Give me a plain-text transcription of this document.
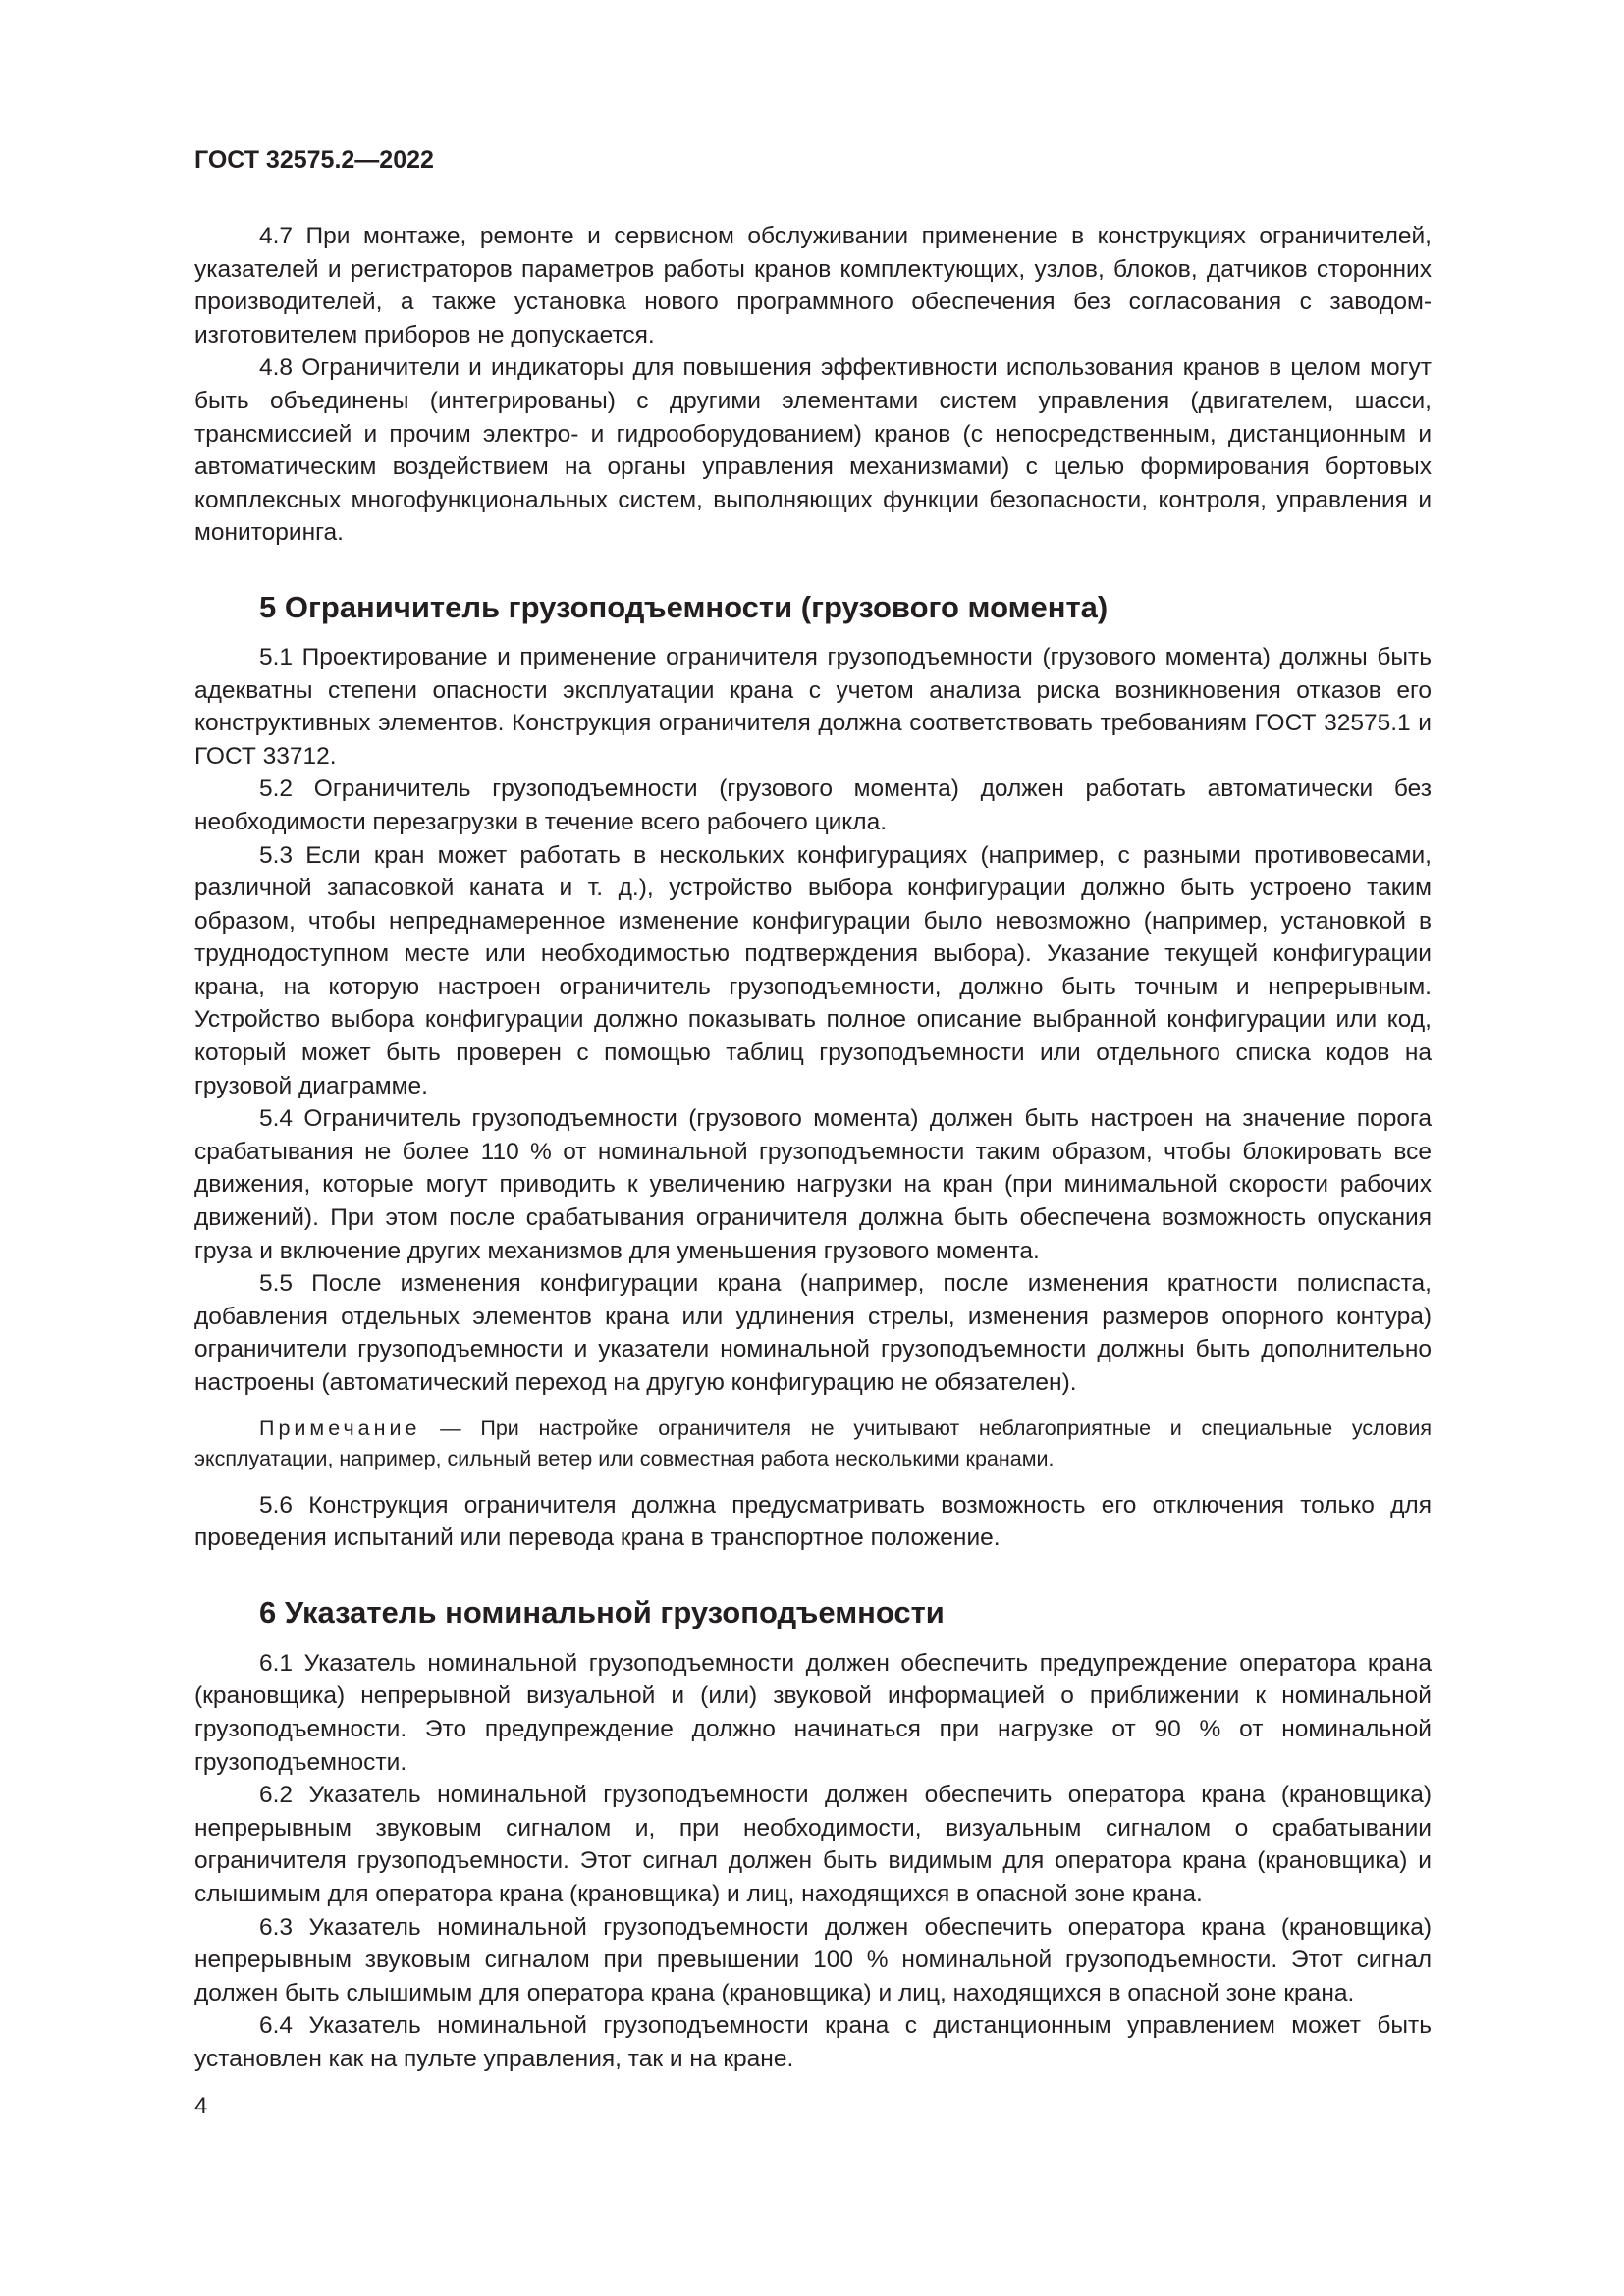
ГОСТ 32575.2—2022

4.7 При монтаже, ремонте и сервисном обслуживании применение в конструкциях ограничителей, указателей и регистраторов параметров работы кранов комплектующих, узлов, блоков, датчиков сторонних производителей, а также установка нового программного обеспечения без согласования с заводом-изготовителем приборов не допускается.

4.8 Ограничители и индикаторы для повышения эффективности использования кранов в целом могут быть объединены (интегрированы) с другими элементами систем управления (двигателем, шасси, трансмиссией и прочим электро- и гидрооборудованием) кранов (с непосредственным, дистанционным и автоматическим воздействием на органы управления механизмами) с целью формирования бортовых комплексных многофункциональных систем, выполняющих функции безопасности, контроля, управления и мониторинга.

5 Ограничитель грузоподъемности (грузового момента)

5.1 Проектирование и применение ограничителя грузоподъемности (грузового момента) должны быть адекватны степени опасности эксплуатации крана с учетом анализа риска возникновения отказов его конструктивных элементов. Конструкция ограничителя должна соответствовать требованиям ГОСТ 32575.1 и ГОСТ 33712.

5.2 Ограничитель грузоподъемности (грузового момента) должен работать автоматически без необходимости перезагрузки в течение всего рабочего цикла.

5.3 Если кран может работать в нескольких конфигурациях (например, с разными противовесами, различной запасовкой каната и т. д.), устройство выбора конфигурации должно быть устроено таким образом, чтобы непреднамеренное изменение конфигурации было невозможно (например, установкой в труднодоступном месте или необходимостью подтверждения выбора). Указание текущей конфигурации крана, на которую настроен ограничитель грузоподъемности, должно быть точным и непрерывным. Устройство выбора конфигурации должно показывать полное описание выбранной конфигурации или код, который может быть проверен с помощью таблиц грузоподъемности или отдельного списка кодов на грузовой диаграмме.

5.4 Ограничитель грузоподъемности (грузового момента) должен быть настроен на значение порога срабатывания не более 110 % от номинальной грузоподъемности таким образом, чтобы блокировать все движения, которые могут приводить к увеличению нагрузки на кран (при минимальной скорости рабочих движений). При этом после срабатывания ограничителя должна быть обеспечена возможность опускания груза и включение других механизмов для уменьшения грузового момента.

5.5 После изменения конфигурации крана (например, после изменения кратности полиспаста, добавления отдельных элементов крана или удлинения стрелы, изменения размеров опорного контура) ограничители грузоподъемности и указатели номинальной грузоподъемности должны быть дополнительно настроены (автоматический переход на другую конфигурацию не обязателен).

Примечание — При настройке ограничителя не учитывают неблагоприятные и специальные условия эксплуатации, например, сильный ветер или совместная работа несколькими кранами.

5.6 Конструкция ограничителя должна предусматривать возможность его отключения только для проведения испытаний или перевода крана в транспортное положение.

6 Указатель номинальной грузоподъемности

6.1 Указатель номинальной грузоподъемности должен обеспечить предупреждение оператора крана (крановщика) непрерывной визуальной и (или) звуковой информацией о приближении к номинальной грузоподъемности. Это предупреждение должно начинаться при нагрузке от 90 % от номинальной грузоподъемности.

6.2 Указатель номинальной грузоподъемности должен обеспечить оператора крана (крановщика) непрерывным звуковым сигналом и, при необходимости, визуальным сигналом о срабатывании ограничителя грузоподъемности. Этот сигнал должен быть видимым для оператора крана (крановщика) и слышимым для оператора крана (крановщика) и лиц, находящихся в опасной зоне крана.

6.3 Указатель номинальной грузоподъемности должен обеспечить оператора крана (крановщика) непрерывным звуковым сигналом при превышении 100 % номинальной грузоподъемности. Этот сигнал должен быть слышимым для оператора крана (крановщика) и лиц, находящихся в опасной зоне крана.

6.4 Указатель номинальной грузоподъемности крана с дистанционным управлением может быть установлен как на пульте управления, так и на кране.

4
